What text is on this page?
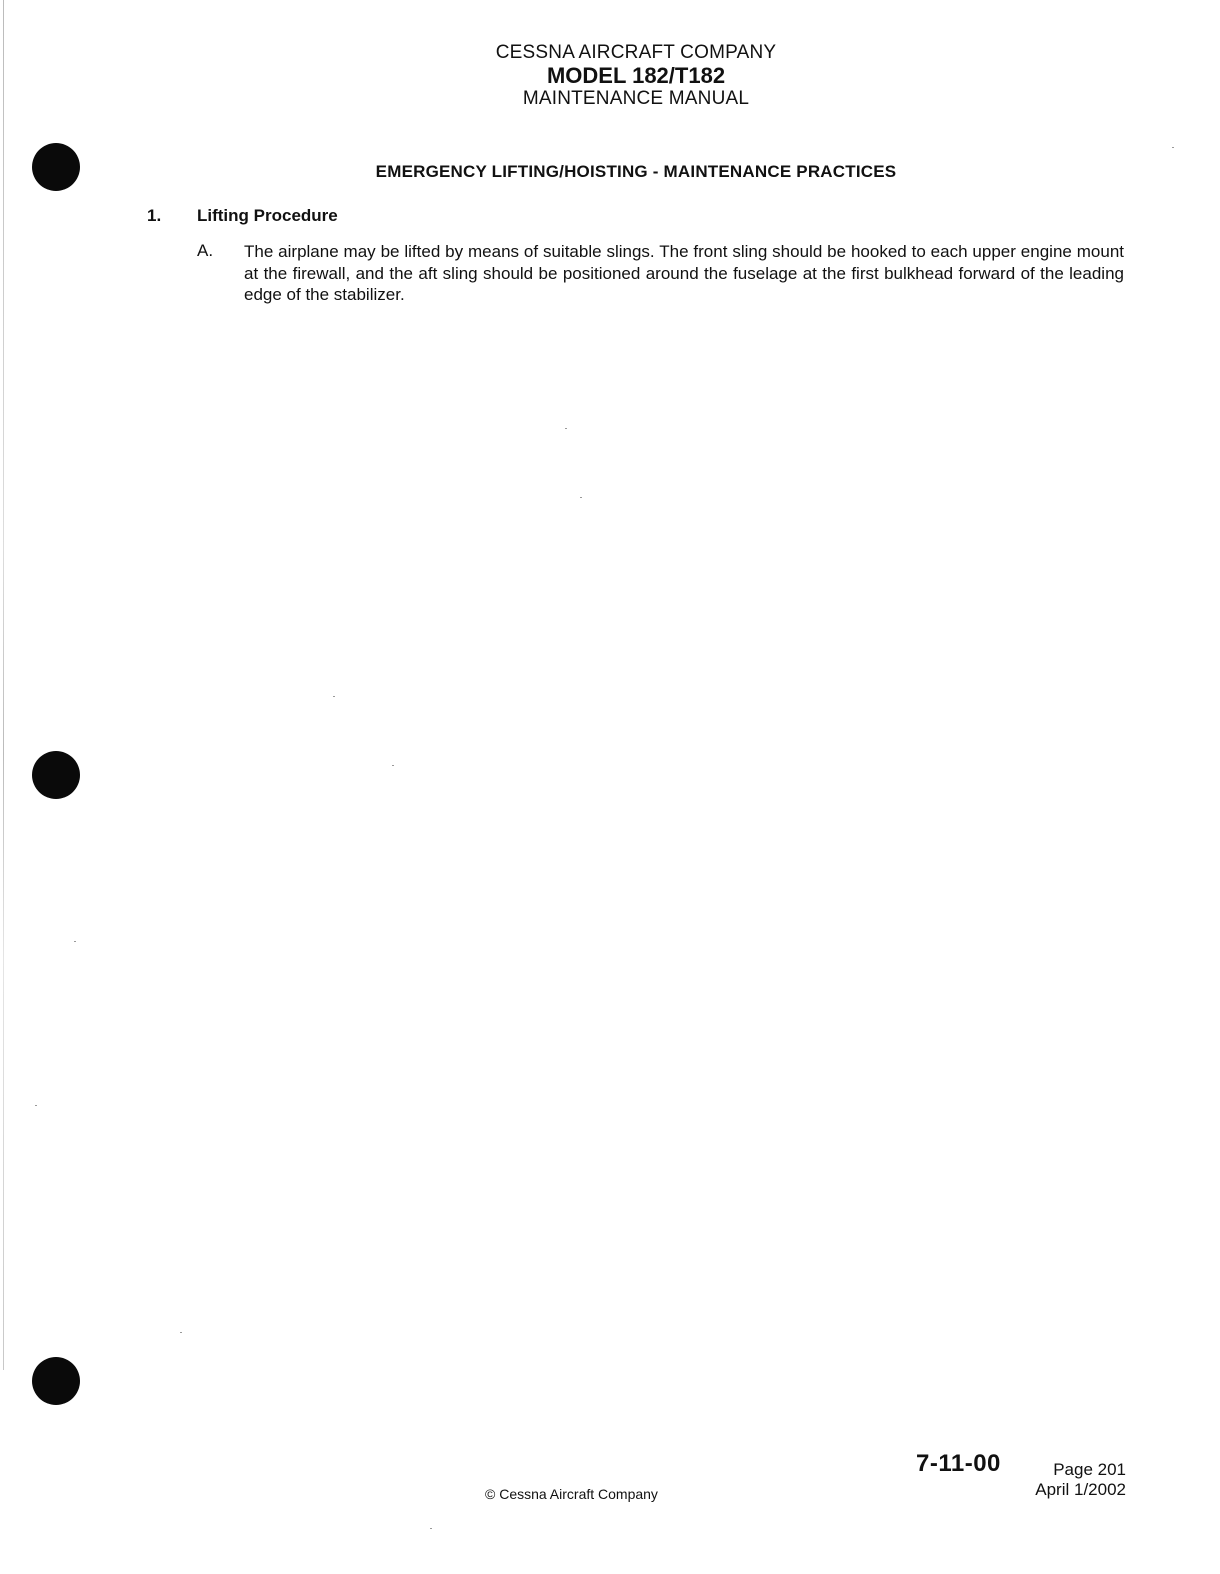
CESSNA AIRCRAFT COMPANY
MODEL 182/T182
MAINTENANCE MANUAL
EMERGENCY LIFTING/HOISTING - MAINTENANCE PRACTICES
1. Lifting Procedure
A. The airplane may be lifted by means of suitable slings. The front sling should be hooked to each upper engine mount at the firewall, and the aft sling should be positioned around the fuselage at the first bulkhead forward of the leading edge of the stabilizer.
7-11-00	Page 201
April 1/2002
© Cessna Aircraft Company
